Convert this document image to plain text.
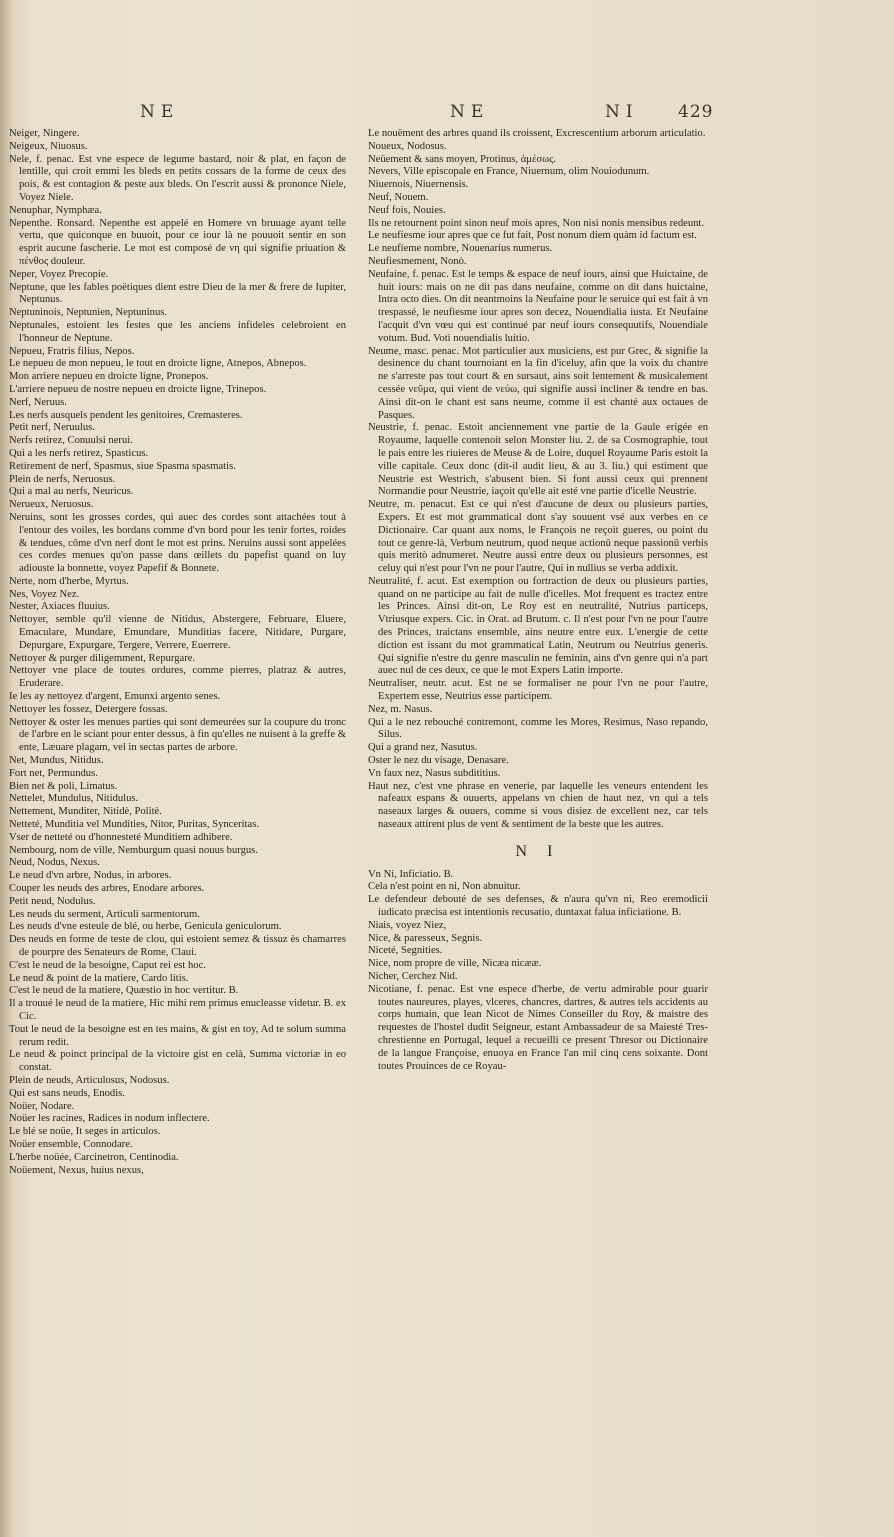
NE	NE	NI 429

Neiger, Ningere.

Neigeux, Niuosus.

Nele, f. penac. Est vne espece de legume bastard, noir & plat, en façon de lentille, qui croit emmi les bleds en petits cossars de la forme de ceux des pois, & est contagion & peste aux bleds. On l'escrit aussi & prononce Niele, Voyez Niele.

Nenuphar, Nymphæa.

Nepenthe. Ronsard. Nepenthe est appelé en Homere vn bruuage ayant telle vertu, que quiconque en buuoit, pour ce iour là ne pouuoit sentir en son esprit aucune fascherie. Le mot est composé de νη qui signifie priuation & πένθος douleur.

Neper, Voyez Precopie.

Neptune, que les fables poëtiques dient estre Dieu de la mer & frere de Iupiter, Neptunus.

Neptuninois, Neptunien, Neptuninus.

Neptunales, estoient les festes que les anciens infideles celebroient en l'honneur de Neptune.

Nepueu, Fratris filius, Nepos.

Le nepueu de mon nepueu, le tout en droicte ligne, Atnepos, Abnepos.

Mon arriere nepueu en droicte ligne, Pronepos.

L'arriere nepueu de nostre nepueu en droicte ligne, Trinepos.

Nerf, Neruus.

Les nerfs ausquels pendent les genitoires, Cremasteres.

Petit nerf, Neruulus.

Nerfs retirez, Conuulsi nerui.

Qui a les nerfs retirez, Spasticus.

Retirement de nerf, Spasmus, siue Spasma spasmatis.

Plein de nerfs, Neruosus.

Qui a mal au nerfs, Neuricus.

Nerueux, Neruosus.

Neruins, sont les grosses cordes, qui auec des cordes sont attachées tout à l'entour des voiles, les bordans comme d'vn bord pour les tenir fortes, roides & tendues, côme d'vn nerf dont le mot est prins. Neruins aussi sont appelées ces cordes menues qu'on passe dans œillets du papefist quand on luy adiouste la bonnette, voyez Papefif & Bonnete.

Nerte, nom d'herbe, Myrtus.

Nes, Voyez Nez.

Nester, Axiaces fluuius.

Nettoyer, semble qu'il vienne de Nitidus, Abstergere, Februare, Eluere, Emaculare, Mundare, Emundare, Munditias facere, Nitidare, Purgare, Depurgare, Expurgare, Tergere, Verrere, Euerrere.

Nettoyer & purger diligemment, Repurgare.

Nettoyer vne place de toutes ordures, comme pierres, platraz & autres, Eruderare.

Ie les ay nettoyez d'argent, Emunxi argento senes.

Nettoyer les fossez, Detergere fossas.

Nettoyer & oster les menues parties qui sont demeurées sur la coupure du tronc de l'arbre en le sciant pour enter dessus, à fin qu'elles ne nuisent à la greffe & ente, Læuare plagam, vel in sectas partes de arbore.

Net, Mundus, Nitidus.

Fort net, Permundus.

Bien net & poli, Limatus.

Nettelet, Mundulus, Nitidulus.

Nettement, Munditer, Nitidè, Politè.

Netteté, Munditia vel Mundities, Nitor, Puritas, Synceritas.

Vser de netteté ou d'honnesteté Munditiem adhibere.

Nembourg, nom de ville, Nemburgum quasi nouus burgus.

Neud, Nodus, Nexus.

Le neud d'vn arbre, Nodus, in arbores.

Couper les neuds des arbres, Enodare arbores.

Petit neud, Nodulus.

Les neuds du serment, Articuli sarmentorum.

Les neuds d'vne esteule de blé, ou herbe, Genicula geniculorum.

Des neuds en forme de teste de clou, qui estoient semez & tissuz ès chamarres de pourpre des Senateurs de Rome, Claui.

C'est le neud de la besoigne, Caput rei est hoc.

Le neud & point de la matiere, Cardo litis.

C'est le neud de la matiere, Quæstio in hoc vertitur. B.

Il a trouué le neud de la matiere, Hic mihi rem primus enucleasse videtur. B. ex Cic.

Tout le neud de la besoigne est en tes mains, & gist en toy, Ad te solum summa rerum redit.

Le neud & poinct principal de la victoire gist en celà, Summa victoriæ in eo constat.

Plein de neuds, Articulosus, Nodosus.

Qui est sans neuds, Enodis.

Noüer, Nodare.

Noüer les racines, Radices in nodum inflectere.

Le blé se noüe, It seges in articulos.

Noüer ensemble, Connodare.

L'herbe noüée, Carcinetron, Centinodia.

Noüement, Nexus, huius nexus,

Le nouëment des arbres quand ils croissent, Excrescentium arborum articulatio.

Noueux, Nodosus.

Neüement & sans moyen, Protinus, ἀμέσως.

Nevers, Ville episcopale en France, Niuernum, olim Nouiodunum.

Niuernois, Niuernensis.

Neuf, Nouem.

Neuf fois, Nouies.

Ils ne retournent point sinon neuf mois apres, Non nisi nonis mensibus redeunt.

Le neufiesme iour apres que ce fut fait, Post nonum diem quàm id factum est.

Le neufieme nombre, Nouenarius numerus.

Neufiesmement, Nonò.

Neufaine, f. penac. Est le temps & espace de neuf iours, ainsi que Huictaine, de huit iours: mais on ne dit pas dans neufaine, comme on dit dans huictaine, Intra octo dies. On dit neantmoins la Neufaine pour le seruice qui est fait à vn trespassé, le neufiesme iour apres son decez, Nouendialia iusta. Et Neufaine l'acquit d'vn vœu qui est continué par neuf iours consequutifs, Nouendiale votum. Bud. Voti nouendialis luitio.

Neume, masc. penac. Mot particulier aux musiciens, est pur Grec, & signifie la desinence du chant tournoiant en la fin d'iceluy, afin que la voix du chantre ne s'arreste pas tout court & en sursaut, ains soit lentement & musicalement cessée νεῦμα, qui vient de νεύω, qui signifie aussi incliner & tendre en bas. Ainsi dit-on le chant est sans neume, comme il est chanté aux octaues de Pasques.

Neustrie, f. penac. Estoit anciennement vne partie de la Gaule erigée en Royaume, laquelle contenoit selon Monster liu. 2. de sa Cosmographie, tout le pais entre les riuieres de Meuse & de Loire, duquel Royaume Paris estoit la ville capitale. Ceux donc (dit-il audit lieu, & au 3. liu.) qui estiment que Neustrie est Westrich, s'abusent bien. Si font aussi ceux qui prennent Normandie pour Neustrie, iaçoit qu'elle ait esté vne partie d'icelle Neustrie.

Neutre, m. penacut. Est ce qui n'est d'aucune de deux ou plusieurs parties, Expers. Et est mot grammatical dont s'ay souuent vsé aux verbes en ce Dictionaire. Car quant aux noms, le François ne reçoit gueres, ou point du tout ce genre-là, Verbum neutrum, quod neque actionû neque passionû verbis quis meritò adnumeret. Neutre aussi entre deux ou plusieurs personnes, est celuy qui n'est pour l'vn ne pour l'autre, Qui in nullius se verba addixit.

Neutralité, f. acut. Est exemption ou fortraction de deux ou plusieurs parties, quand on ne participe au fait de nulle d'icelles. Mot frequent es tractez entre les Princes. Ainsi dit-on, Le Roy est en neutralité, Nutrius particeps, Vtriusque expers. Cic. in Orat. ad Brutum. c. Il n'est pour l'vn ne pour l'autre des Princes, traictans ensemble, ains neutre entre eux. L'energie de cette diction est issant du mot grammatical Latin, Neutrum ou Neutrius generis. Qui signifie n'estre du genre masculin ne feminin, ains d'vn genre qui n'a part auec nul de ces deux, ce que le mot Expers Latin importe.

Neutraliser, neutr. acut. Est ne se formaliser ne pour l'vn ne pour l'autre, Expertem esse, Neutrius esse participem.

Nez, m. Nasus.

Qui a le nez rebouché contremont, comme les Mores, Resimus, Naso repando, Silus.

Qui a grand nez, Nasutus.

Oster le nez du visage, Denasare.

Vn faux nez, Nasus subdititius.

Haut nez, c'est vne phrase en venerie, par laquelle les veneurs entendent les nafeaux espans & ouuerts, appelans vn chien de haut nez, vn qui a tels naseaux larges & ouuers, comme si vous disiez de excellent nez, car tels naseaux attirent plus de vent & sentiment de la beste que les autres.

N I

Vn Ni, Inficiatio. B.

Cela n'est point en ni, Non abnuitur.

Le defendeur debouté de ses defenses, & n'aura qu'vn ni, Reo eremodicii iudicato præcisa est intentionis recusatio, duntaxat falua inficiatione. B.

Niais, voyez Niez,

Nice, & paresseux, Segnis.

Niceté, Segnities.

Nice, nom propre de ville, Nicæa nicææ.

Nicher, Cerchez Nid.

Nicotiane, f. penac. Est vne espece d'herbe, de vertu admirable pour guarir toutes naureures, playes, vlceres, chancres, dartres, & autres tels accidents au corps humain, que Iean Nicot de Nimes Conseiller du Roy, & maistre des requestes de l'hostel dudit Seigneur, estant Ambassadeur de sa Maiesté Tres-chrestienne en Portugal, lequel a recueilli ce present Thresor ou Dictionaire de la langue Françoise, enuoya en France l'an mil cinq cens soixante. Dont toutes Prouinces de ce Royau-
